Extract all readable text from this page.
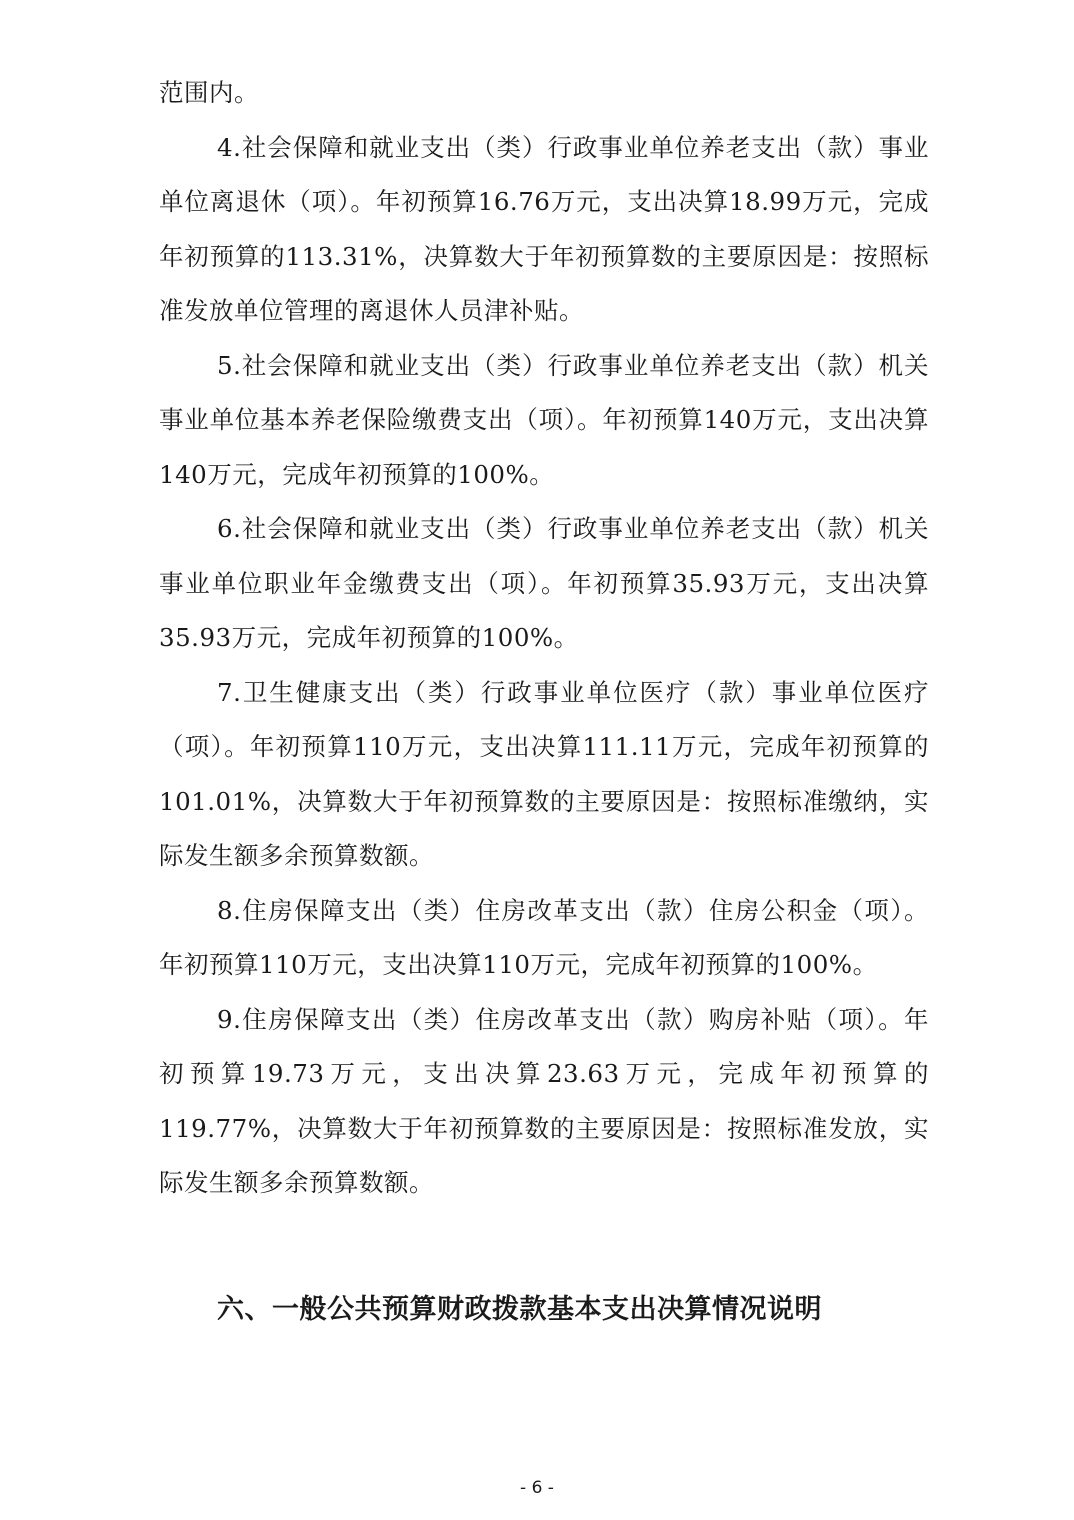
范围内。

4.社会保障和就业支出（类）行政事业单位养老支出（款）事业单位离退休（项）。年初预算16.76万元，支出决算18.99万元，完成年初预算的113.31%，决算数大于年初预算数的主要原因是：按照标准发放单位管理的离退休人员津补贴。

5.社会保障和就业支出（类）行政事业单位养老支出（款）机关事业单位基本养老保险缴费支出（项）。年初预算140万元，支出决算140万元，完成年初预算的100%。

6.社会保障和就业支出（类）行政事业单位养老支出（款）机关事业单位职业年金缴费支出（项）。年初预算35.93万元，支出决算35.93万元，完成年初预算的100%。

7.卫生健康支出（类）行政事业单位医疗（款）事业单位医疗（项）。年初预算110万元，支出决算111.11万元，完成年初预算的101.01%，决算数大于年初预算数的主要原因是：按照标准缴纳，实际发生额多余预算数额。

8.住房保障支出（类）住房改革支出（款）住房公积金（项）。年初预算110万元，支出决算110万元，完成年初预算的100%。

9.住房保障支出（类）住房改革支出（款）购房补贴（项）。年初预算19.73万元，支出决算23.63万元，完成年初预算的119.77%，决算数大于年初预算数的主要原因是：按照标准发放，实际发生额多余预算数额。

六、一般公共预算财政拨款基本支出决算情况说明
- 6 -
